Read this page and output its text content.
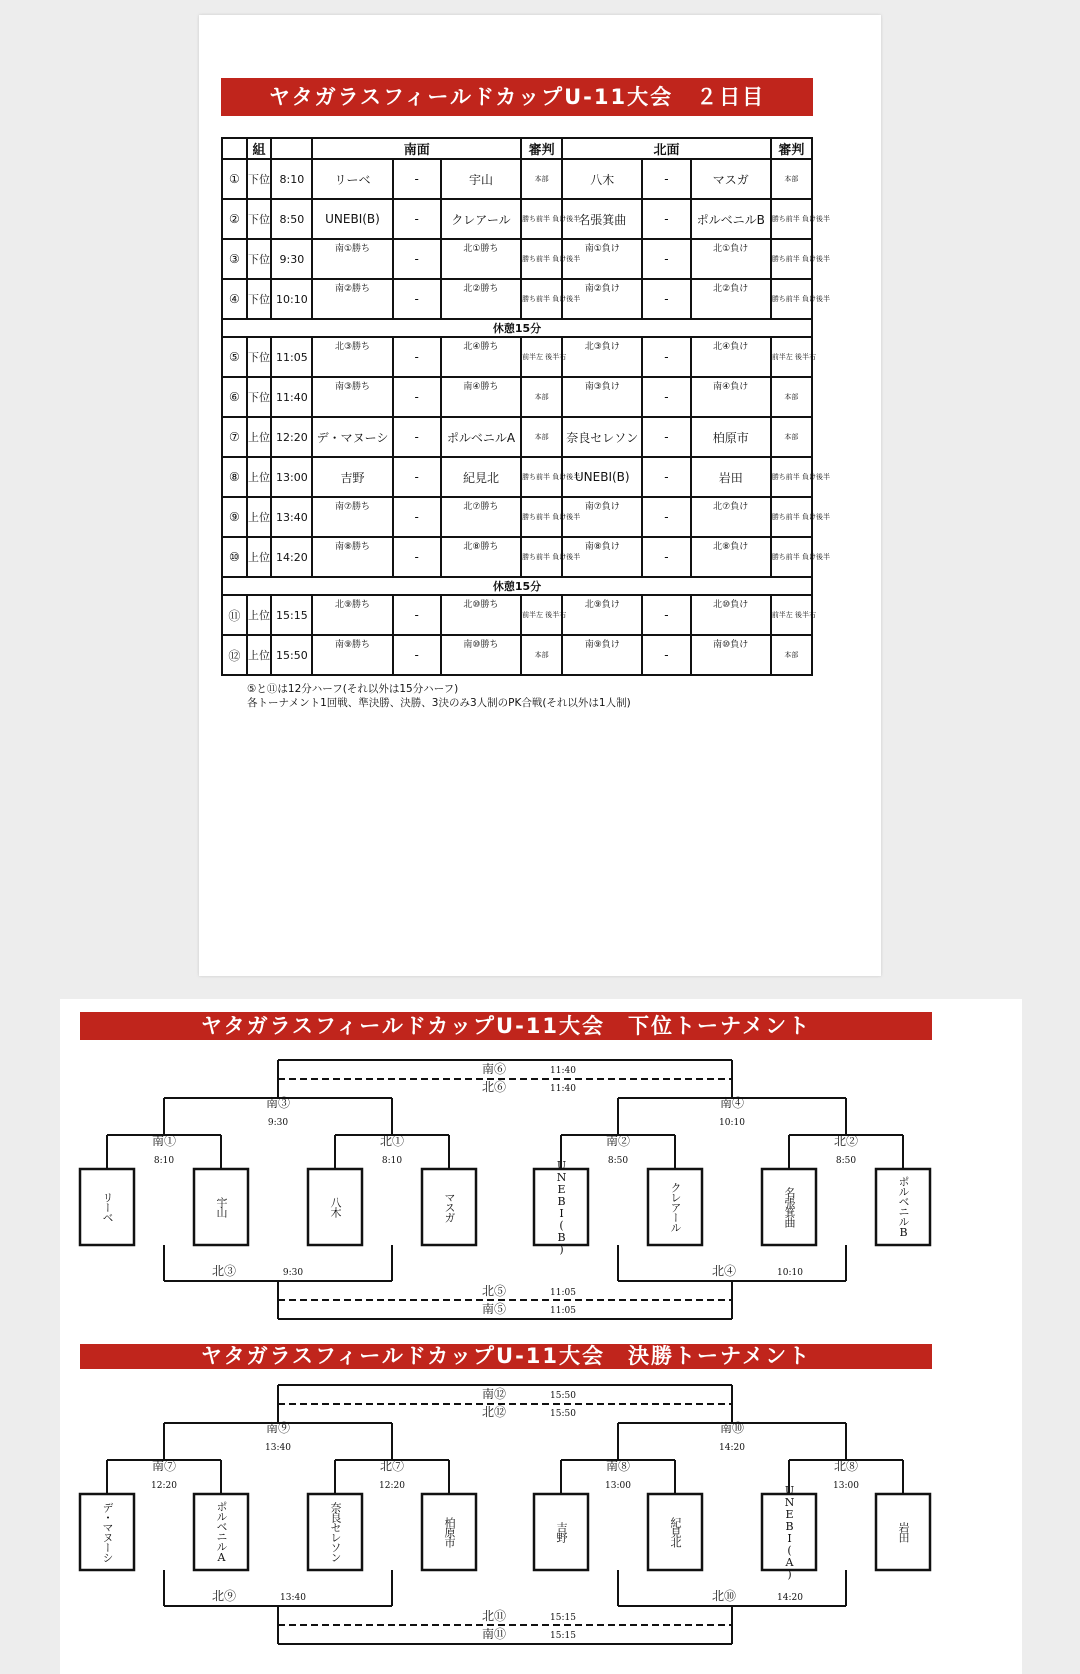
ヤタガラスフィールドカップU-11大会　２日目
	組		南面			審判	北面			審判
①	下位	8:10	リーベ	-	宇山	本部	八木	-	マスガ	本部
②	下位	8:50	UNEBI(B)	-	クレアール	勝ち前半 負け後半	名張箕曲	-	ポルベニルB	勝ち前半 負け後半
③	下位	9:30	南①勝ち	-	北①勝ち	勝ち前半 負け後半	南①負け	-	北①負け	勝ち前半 負け後半
④	下位	10:10	南②勝ち	-	北②勝ち	勝ち前半 負け後半	南②負け	-	北②負け	勝ち前半 負け後半
休憩15分										
⑤	下位	11:05	北③勝ち	-	北④勝ち	前半左 後半右	北③負け	-	北④負け	前半左 後半右
⑥	下位	11:40	南③勝ち	-	南④勝ち	本部	南③負け	-	南④負け	本部
⑦	上位	12:20	デ・マヌーシ	-	ポルベニルA	本部	奈良セレソン	-	柏原市	本部
⑧	上位	13:00	吉野	-	紀見北	勝ち前半 負け後半	UNEBI(B)	-	岩田	勝ち前半 負け後半
⑨	上位	13:40	南⑦勝ち	-	北⑦勝ち	勝ち前半 負け後半	南⑦負け	-	北⑦負け	勝ち前半 負け後半
⑩	上位	14:20	南⑧勝ち	-	北⑧勝ち	勝ち前半 負け後半	南⑧負け	-	北⑧負け	勝ち前半 負け後半
休憩15分										
⑪	上位	15:15	北⑨勝ち	-	北⑩勝ち	前半左 後半右	北⑨負け	-	北⑩負け	前半左 後半右
⑫	上位	15:50	南⑨勝ち	-	南⑩勝ち	本部	南⑨負け	-	南⑩負け	本部
⑤と⑪は12分ハーフ(それ以外は15分ハーフ)
各トーナメント1回戦、準決勝、決勝、3決のみ3人制のPK合戦(それ以外は1人制)
ヤタガラスフィールドカップU-11大会　下位トーナメント
ヤタガラスフィールドカップU-11大会　決勝トーナメント
リーベ	宇山	八木	マスガ	UNEBI(B)	クレアール	名張箕曲	ポルベニルB
南①
8:10
北①
8:10
南②
8:50
北②
8:50
南③
9:30
南④
10:10
南⑥	11:40
北⑥	11:40
北③	9:30	北④	10:10
北⑤	11:05
南⑤	11:05
デ・マヌーシ	ポルベニルA	奈良セレソン	柏原市	吉野	紀見北	UNEBI(A)	岩田
南⑦
12:20
北⑦
12:20
南⑧
13:00
北⑧
13:00
南⑨
13:40
南⑩
14:20
南⑫	15:50
北⑫	15:50
北⑨	13:40	北⑩	14:20
北⑪	15:15
南⑪	15:15
